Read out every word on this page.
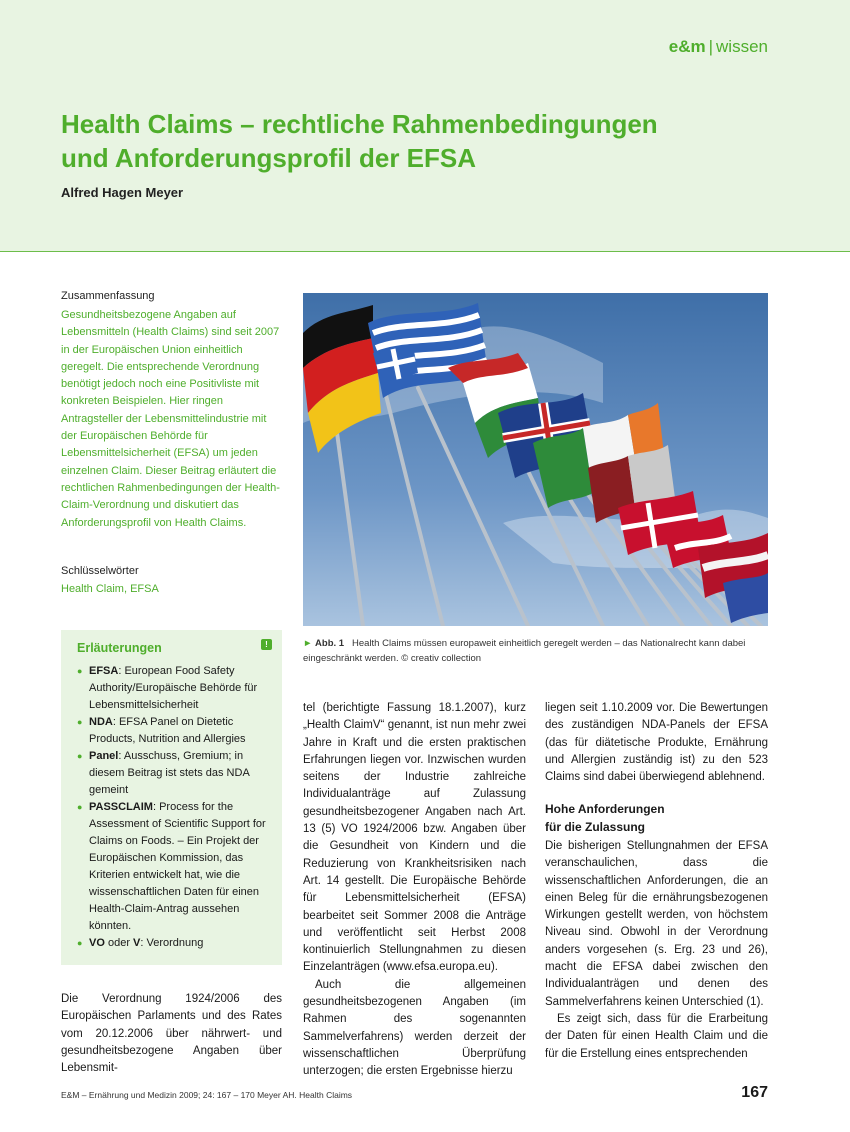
e&m | wissen
Health Claims – rechtliche Rahmenbedingungen
und Anforderungsprofil der EFSA
Alfred Hagen Meyer
Zusammenfassung
Gesundheitsbezogene Angaben auf Lebensmitteln (Health Claims) sind seit 2007 in der Europäischen Union einheitlich geregelt. Die entsprechende Verordnung benötigt jedoch noch eine Positivliste mit konkreten Beispielen. Hier ringen Antragsteller der Lebensmittelindustrie mit der Europäischen Behörde für Lebensmittelsicherheit (EFSA) um jeden einzelnen Claim. Dieser Beitrag erläutert die rechtlichen Rahmenbedingungen der Health-Claim-Verordnung und diskutiert das Anforderungsprofil von Health Claims.
Schlüsselwörter
Health Claim, EFSA
► Abb. 1 Health Claims müssen europaweit einheitlich geregelt werden – das Nationalrecht kann dabei eingeschränkt werden. © creativ collection
Erläuterungen	!
● EFSA: European Food Safety Authority/Europäische Behörde für Lebensmittelsicherheit
● NDA: EFSA Panel on Dietetic Products, Nutrition and Allergies
● Panel: Ausschuss, Gremium; in diesem Beitrag ist stets das NDA gemeint
● PASSCLAIM: Process for the Assessment of Scientific Support for Claims on Foods. – Ein Projekt der Europäischen Kommission, das Kriterien entwickelt hat, wie die wissenschaftlichen Daten für einen Health-Claim-Antrag aussehen könnten.
● VO oder V: Verordnung
Die Verordnung 1924/2006 des Europäischen Parlaments und des Rates vom 20.12.2006 über nährwert- und gesundheitsbezogene Angaben über Lebensmit-

tel (berichtigte Fassung 18.1.2007), kurz „Health ClaimV“ genannt, ist nun mehr zwei Jahre in Kraft und die ersten praktischen Erfahrungen liegen vor. Inzwischen wurden seitens der Industrie zahlreiche Individualanträge auf Zulassung gesundheitsbezogener Angaben nach Art. 13 (5) VO 1924/2006 bzw. Angaben über die Gesundheit von Kindern und die Reduzierung von Krankheitsrisiken nach Art. 14 gestellt. Die Europäische Behörde für Lebensmittelsicherheit (EFSA) bearbeitet seit Sommer 2008 die Anträge und veröffentlicht seit Herbst 2008 kontinuierlich Stellungnahmen zu diesen Einzelanträgen (www.efsa.europa.eu).

Auch die allgemeinen gesundheitsbezogenen Angaben (im Rahmen des sogenannten Sammelverfahrens) werden derzeit der wissenschaftlichen Überprüfung unterzogen; die ersten Ergebnisse hierzu

liegen seit 1.10.2009 vor. Die Bewertungen des zuständigen NDA-Panels der EFSA (das für diätetische Produkte, Ernährung und Allergien zuständig ist) zu den 523 Claims sind dabei überwiegend ablehnend.

Hohe Anforderungen
für die Zulassung

Die bisherigen Stellungnahmen der EFSA veranschaulichen, dass die wissenschaftlichen Anforderungen, die an einen Beleg für die ernährungsbezogenen Wirkungen gestellt werden, von höchstem Niveau sind. Obwohl in der Verordnung anders vorgesehen (s. Erg. 23 und 26), macht die EFSA dabei zwischen den Individualanträgen und denen des Sammelverfahrens keinen Unterschied (1).

Es zeigt sich, dass für die Erarbeitung der Daten für einen Health Claim und die für die Erstellung eines entsprechenden

E&M – Ernährung und Medizin 2009; 24: 167 – 170 Meyer AH. Health Claims	167
